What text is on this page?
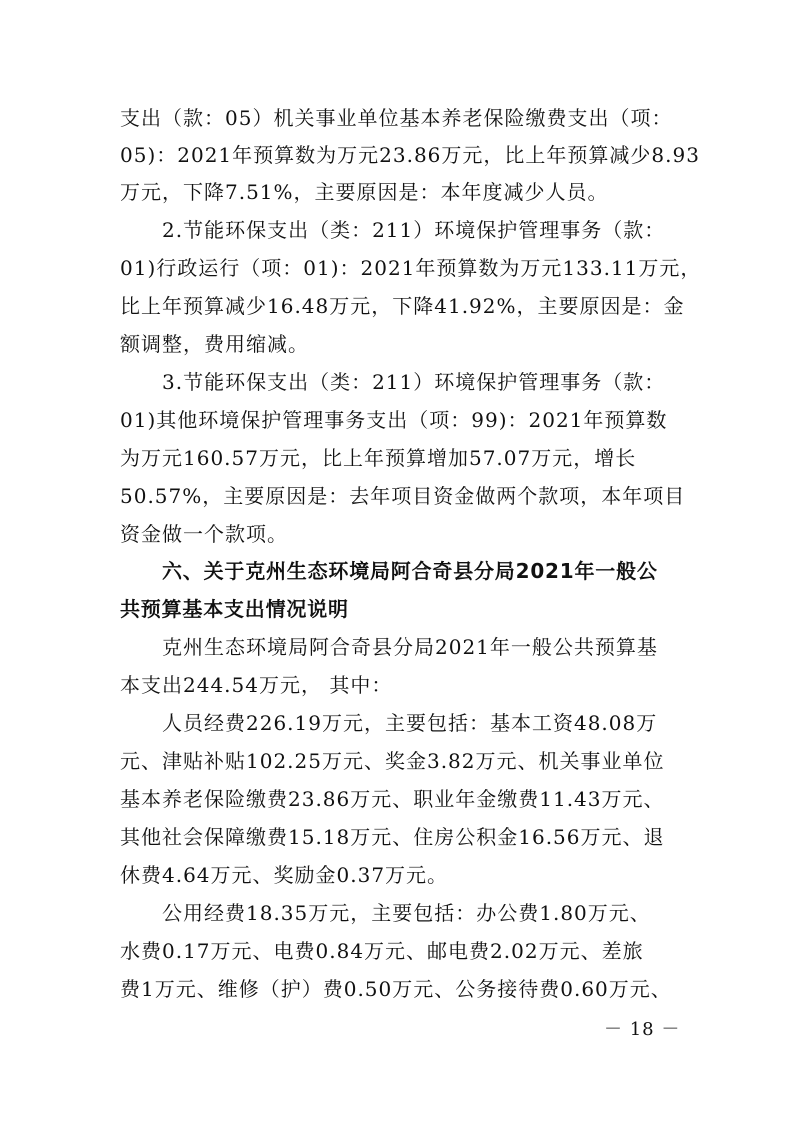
支出（款：05）机关事业单位基本养老保险缴费支出（项：
05)：2021年预算数为万元23.86万元，比上年预算减少8.93
万元，下降7.51%，主要原因是：本年度减少人员。
2.节能环保支出（类：211）环境保护管理事务（款：
01)行政运行（项：01)：2021年预算数为万元133.11万元，
比上年预算减少16.48万元，下降41.92%，主要原因是：金
额调整，费用缩减。
3.节能环保支出（类：211）环境保护管理事务（款：
01)其他环境保护管理事务支出（项：99)：2021年预算数
为万元160.57万元，比上年预算增加57.07万元，增长
50.57%，主要原因是：去年项目资金做两个款项，本年项目
资金做一个款项。
六、关于克州生态环境局阿合奇县分局2021年一般公
共预算基本支出情况说明
克州生态环境局阿合奇县分局2021年一般公共预算基
本支出244.54万元， 其中：
人员经费226.19万元，主要包括：基本工资48.08万
元、津贴补贴102.25万元、奖金3.82万元、机关事业单位
基本养老保险缴费23.86万元、职业年金缴费11.43万元、
其他社会保障缴费15.18万元、住房公积金16.56万元、退
休费4.64万元、奖励金0.37万元。
公用经费18.35万元，主要包括：办公费1.80万元、
水费0.17万元、电费0.84万元、邮电费2.02万元、差旅
费1万元、维修（护）费0.50万元、公务接待费0.60万元、
－ 18 －
